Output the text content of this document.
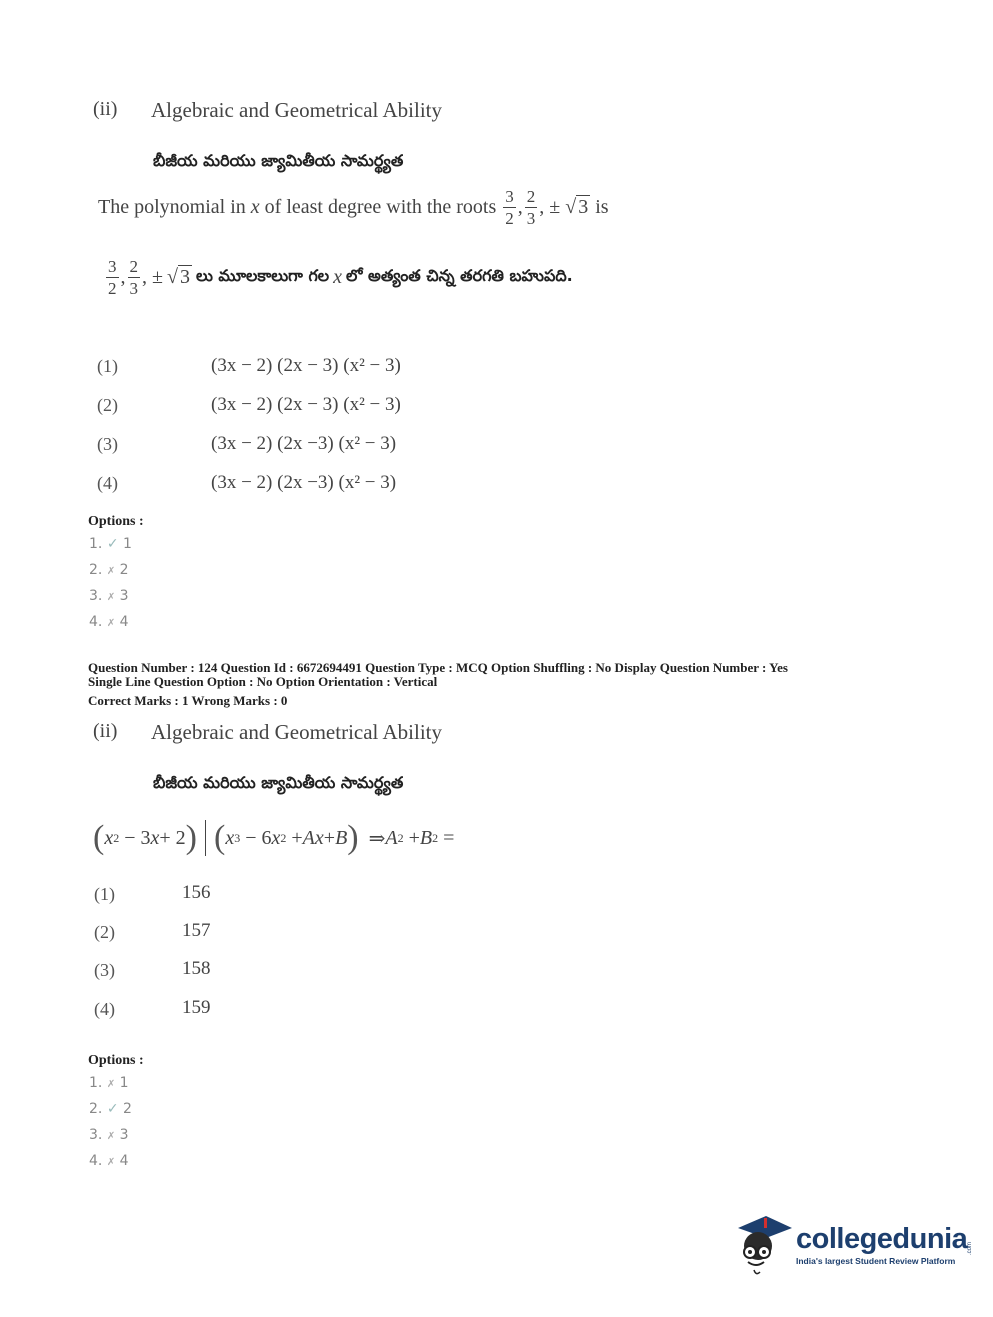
(ii) Algebraic and Geometrical Ability
బీజీయ మరియు జ్యామితీయ సామర్థ్యత
The polynomial in
x
of least degree with the roots
$\frac{3}{2}$ , $\frac{2}{3}$ , ±
√ 3
is
$\frac{3}{2}$ , $\frac{2}{3}$ , ±
√ 3
లు మూలకాలుగా గల
x
లో అత్యంత చిన్న తరగతి బహుపది.
(1)	(3x − 2) (2x − 3) (x² − 3)
(2)	(3x − 2) (2x − 3) (x² − 3)
(3)	(3x − 2) (2x −3) (x² − 3)
(4)	(3x − 2) (2x −3) (x² − 3)
Options :
1. ✓ 1
2. ✗ 2
3. ✗ 3
4. ✗ 4
Question Number : 124 Question Id : 6672694491 Question Type : MCQ Option Shuffling : No Display Question Number : Yes
Single Line Question Option : No Option Orientation : Vertical
Correct Marks : 1 Wrong Marks : 0
(ii) Algebraic and Geometrical Ability
బీజీయ మరియు జ్యామితీయ సామర్థ్యత
( x 2 − 3 x + 2 ) ( x 3 − 6 x 2 + A x + B ) ⇒ A 2 + B 2 =
(1)	156
(2)	157
(3)	158
(4)	159
Options :
1. ✗ 1
2. ✓ 2
3. ✗ 3
4. ✗ 4
collegedunia .com
India's largest Student Review Platform
